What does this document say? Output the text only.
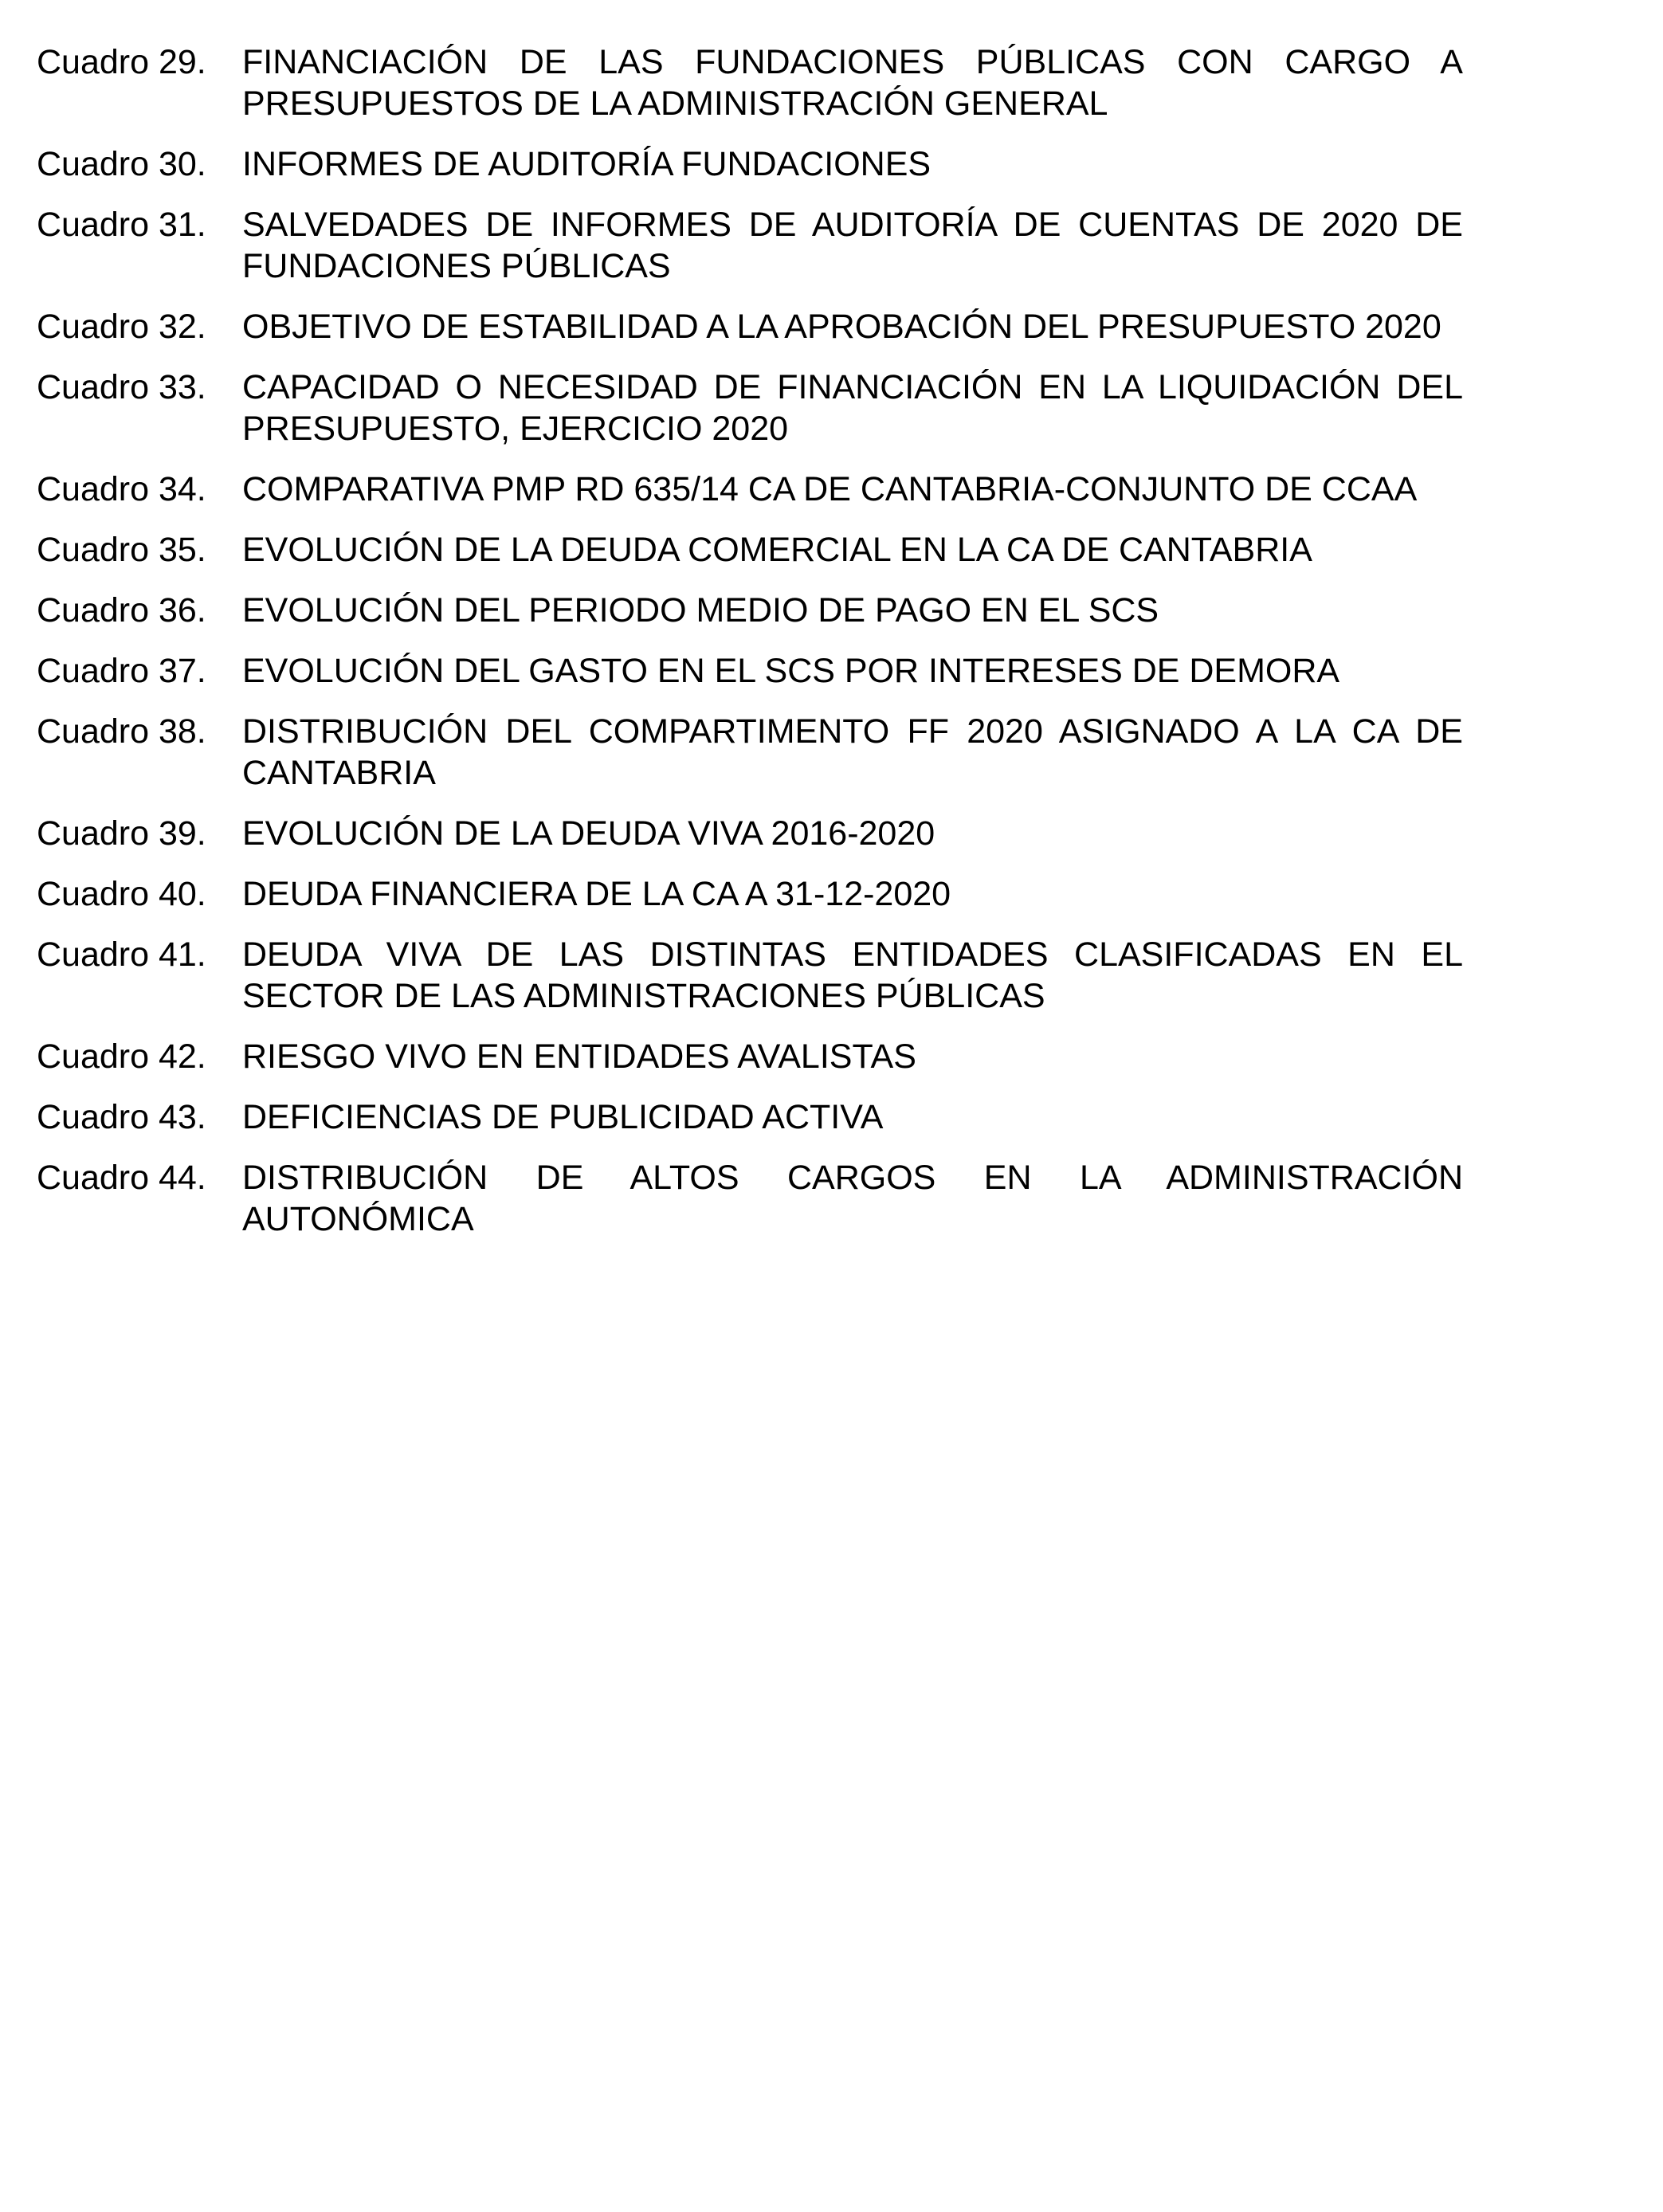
Cuadro 29.	FINANCIACIÓN DE LAS FUNDACIONES PÚBLICAS CON CARGO A PRESUPUESTOS DE LA ADMINISTRACIÓN GENERAL
Cuadro 30.	INFORMES DE AUDITORÍA FUNDACIONES
Cuadro 31.	SALVEDADES DE INFORMES DE AUDITORÍA DE CUENTAS DE 2020 DE FUNDACIONES PÚBLICAS
Cuadro 32.	OBJETIVO DE ESTABILIDAD A LA APROBACIÓN DEL PRESUPUESTO 2020
Cuadro 33.	CAPACIDAD O NECESIDAD DE FINANCIACIÓN EN LA LIQUIDACIÓN DEL PRESUPUESTO, EJERCICIO 2020
Cuadro 34.	COMPARATIVA PMP RD 635/14 CA DE CANTABRIA-CONJUNTO DE CCAA
Cuadro 35.	EVOLUCIÓN DE LA DEUDA COMERCIAL EN LA CA DE CANTABRIA
Cuadro 36.	EVOLUCIÓN DEL PERIODO MEDIO DE PAGO EN EL SCS
Cuadro 37.	EVOLUCIÓN DEL GASTO EN EL SCS POR INTERESES DE DEMORA
Cuadro 38.	DISTRIBUCIÓN DEL COMPARTIMENTO FF 2020 ASIGNADO A LA CA DE CANTABRIA
Cuadro 39.	EVOLUCIÓN DE LA DEUDA VIVA 2016-2020
Cuadro 40.	DEUDA FINANCIERA DE LA CA A 31-12-2020
Cuadro 41.	DEUDA VIVA DE LAS DISTINTAS ENTIDADES CLASIFICADAS EN EL SECTOR DE LAS ADMINISTRACIONES PÚBLICAS
Cuadro 42.	RIESGO VIVO EN ENTIDADES AVALISTAS
Cuadro 43.	DEFICIENCIAS DE PUBLICIDAD ACTIVA
Cuadro 44.	DISTRIBUCIÓN DE ALTOS CARGOS EN LA ADMINISTRACIÓN AUTONÓMICA
